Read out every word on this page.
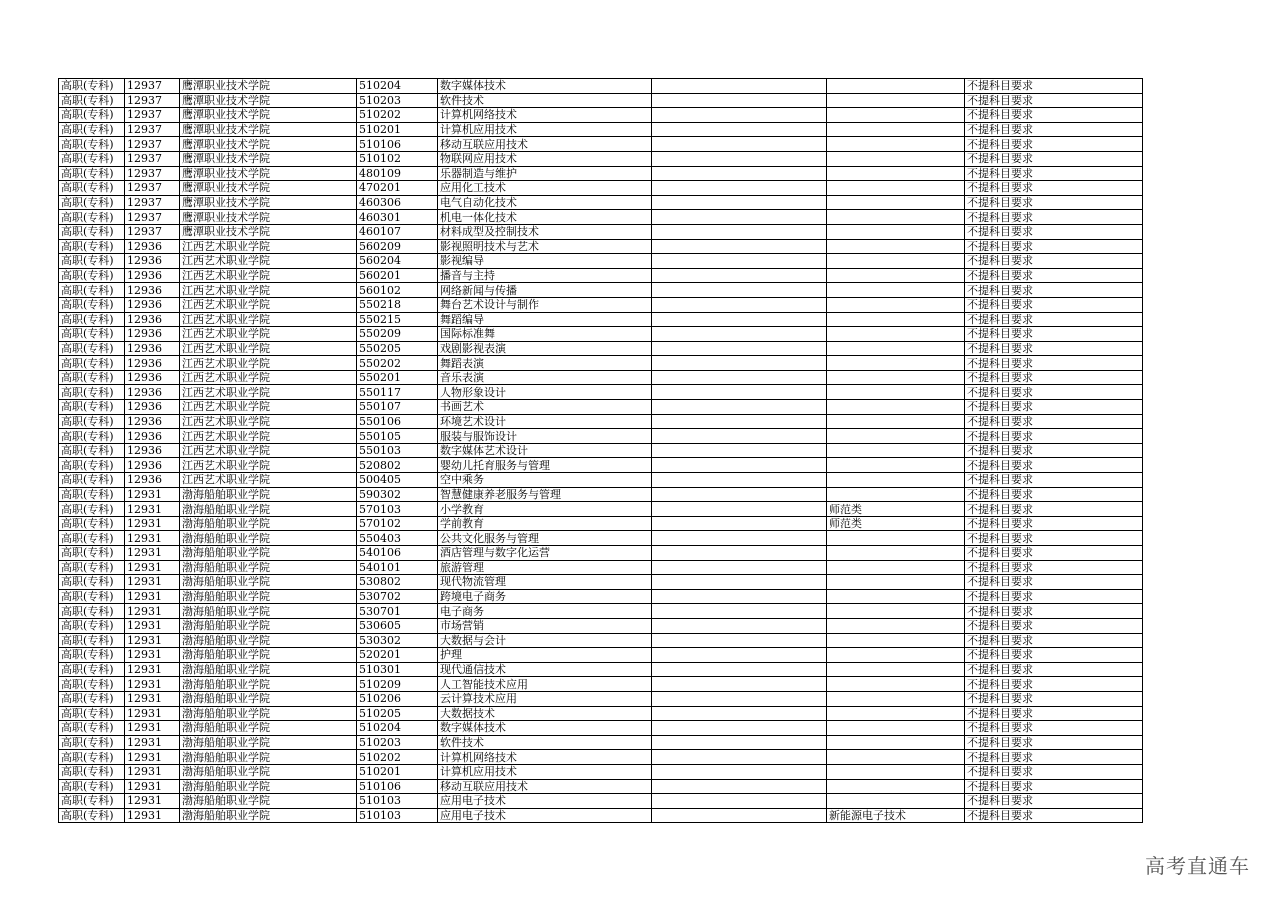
高职(专科)	12937	鹰潭职业技术学院	510204	数字媒体技术			不提科目要求
高职(专科)	12937	鹰潭职业技术学院	510203	软件技术			不提科目要求
高职(专科)	12937	鹰潭职业技术学院	510202	计算机网络技术			不提科目要求
高职(专科)	12937	鹰潭职业技术学院	510201	计算机应用技术			不提科目要求
高职(专科)	12937	鹰潭职业技术学院	510106	移动互联应用技术			不提科目要求
高职(专科)	12937	鹰潭职业技术学院	510102	物联网应用技术			不提科目要求
高职(专科)	12937	鹰潭职业技术学院	480109	乐器制造与维护			不提科目要求
高职(专科)	12937	鹰潭职业技术学院	470201	应用化工技术			不提科目要求
高职(专科)	12937	鹰潭职业技术学院	460306	电气自动化技术			不提科目要求
高职(专科)	12937	鹰潭职业技术学院	460301	机电一体化技术			不提科目要求
高职(专科)	12937	鹰潭职业技术学院	460107	材料成型及控制技术			不提科目要求
高职(专科)	12936	江西艺术职业学院	560209	影视照明技术与艺术			不提科目要求
高职(专科)	12936	江西艺术职业学院	560204	影视编导			不提科目要求
高职(专科)	12936	江西艺术职业学院	560201	播音与主持			不提科目要求
高职(专科)	12936	江西艺术职业学院	560102	网络新闻与传播			不提科目要求
高职(专科)	12936	江西艺术职业学院	550218	舞台艺术设计与制作			不提科目要求
高职(专科)	12936	江西艺术职业学院	550215	舞蹈编导			不提科目要求
高职(专科)	12936	江西艺术职业学院	550209	国际标准舞			不提科目要求
高职(专科)	12936	江西艺术职业学院	550205	戏剧影视表演			不提科目要求
高职(专科)	12936	江西艺术职业学院	550202	舞蹈表演			不提科目要求
高职(专科)	12936	江西艺术职业学院	550201	音乐表演			不提科目要求
高职(专科)	12936	江西艺术职业学院	550117	人物形象设计			不提科目要求
高职(专科)	12936	江西艺术职业学院	550107	书画艺术			不提科目要求
高职(专科)	12936	江西艺术职业学院	550106	环境艺术设计			不提科目要求
高职(专科)	12936	江西艺术职业学院	550105	服装与服饰设计			不提科目要求
高职(专科)	12936	江西艺术职业学院	550103	数字媒体艺术设计			不提科目要求
高职(专科)	12936	江西艺术职业学院	520802	婴幼儿托育服务与管理			不提科目要求
高职(专科)	12936	江西艺术职业学院	500405	空中乘务			不提科目要求
高职(专科)	12931	渤海船舶职业学院	590302	智慧健康养老服务与管理			不提科目要求
高职(专科)	12931	渤海船舶职业学院	570103	小学教育		师范类	不提科目要求
高职(专科)	12931	渤海船舶职业学院	570102	学前教育		师范类	不提科目要求
高职(专科)	12931	渤海船舶职业学院	550403	公共文化服务与管理			不提科目要求
高职(专科)	12931	渤海船舶职业学院	540106	酒店管理与数字化运营			不提科目要求
高职(专科)	12931	渤海船舶职业学院	540101	旅游管理			不提科目要求
高职(专科)	12931	渤海船舶职业学院	530802	现代物流管理			不提科目要求
高职(专科)	12931	渤海船舶职业学院	530702	跨境电子商务			不提科目要求
高职(专科)	12931	渤海船舶职业学院	530701	电子商务			不提科目要求
高职(专科)	12931	渤海船舶职业学院	530605	市场营销			不提科目要求
高职(专科)	12931	渤海船舶职业学院	530302	大数据与会计			不提科目要求
高职(专科)	12931	渤海船舶职业学院	520201	护理			不提科目要求
高职(专科)	12931	渤海船舶职业学院	510301	现代通信技术			不提科目要求
高职(专科)	12931	渤海船舶职业学院	510209	人工智能技术应用			不提科目要求
高职(专科)	12931	渤海船舶职业学院	510206	云计算技术应用			不提科目要求
高职(专科)	12931	渤海船舶职业学院	510205	大数据技术			不提科目要求
高职(专科)	12931	渤海船舶职业学院	510204	数字媒体技术			不提科目要求
高职(专科)	12931	渤海船舶职业学院	510203	软件技术			不提科目要求
高职(专科)	12931	渤海船舶职业学院	510202	计算机网络技术			不提科目要求
高职(专科)	12931	渤海船舶职业学院	510201	计算机应用技术			不提科目要求
高职(专科)	12931	渤海船舶职业学院	510106	移动互联应用技术			不提科目要求
高职(专科)	12931	渤海船舶职业学院	510103	应用电子技术			不提科目要求
高职(专科)	12931	渤海船舶职业学院	510103	应用电子技术		新能源电子技术	不提科目要求
高考直通车
